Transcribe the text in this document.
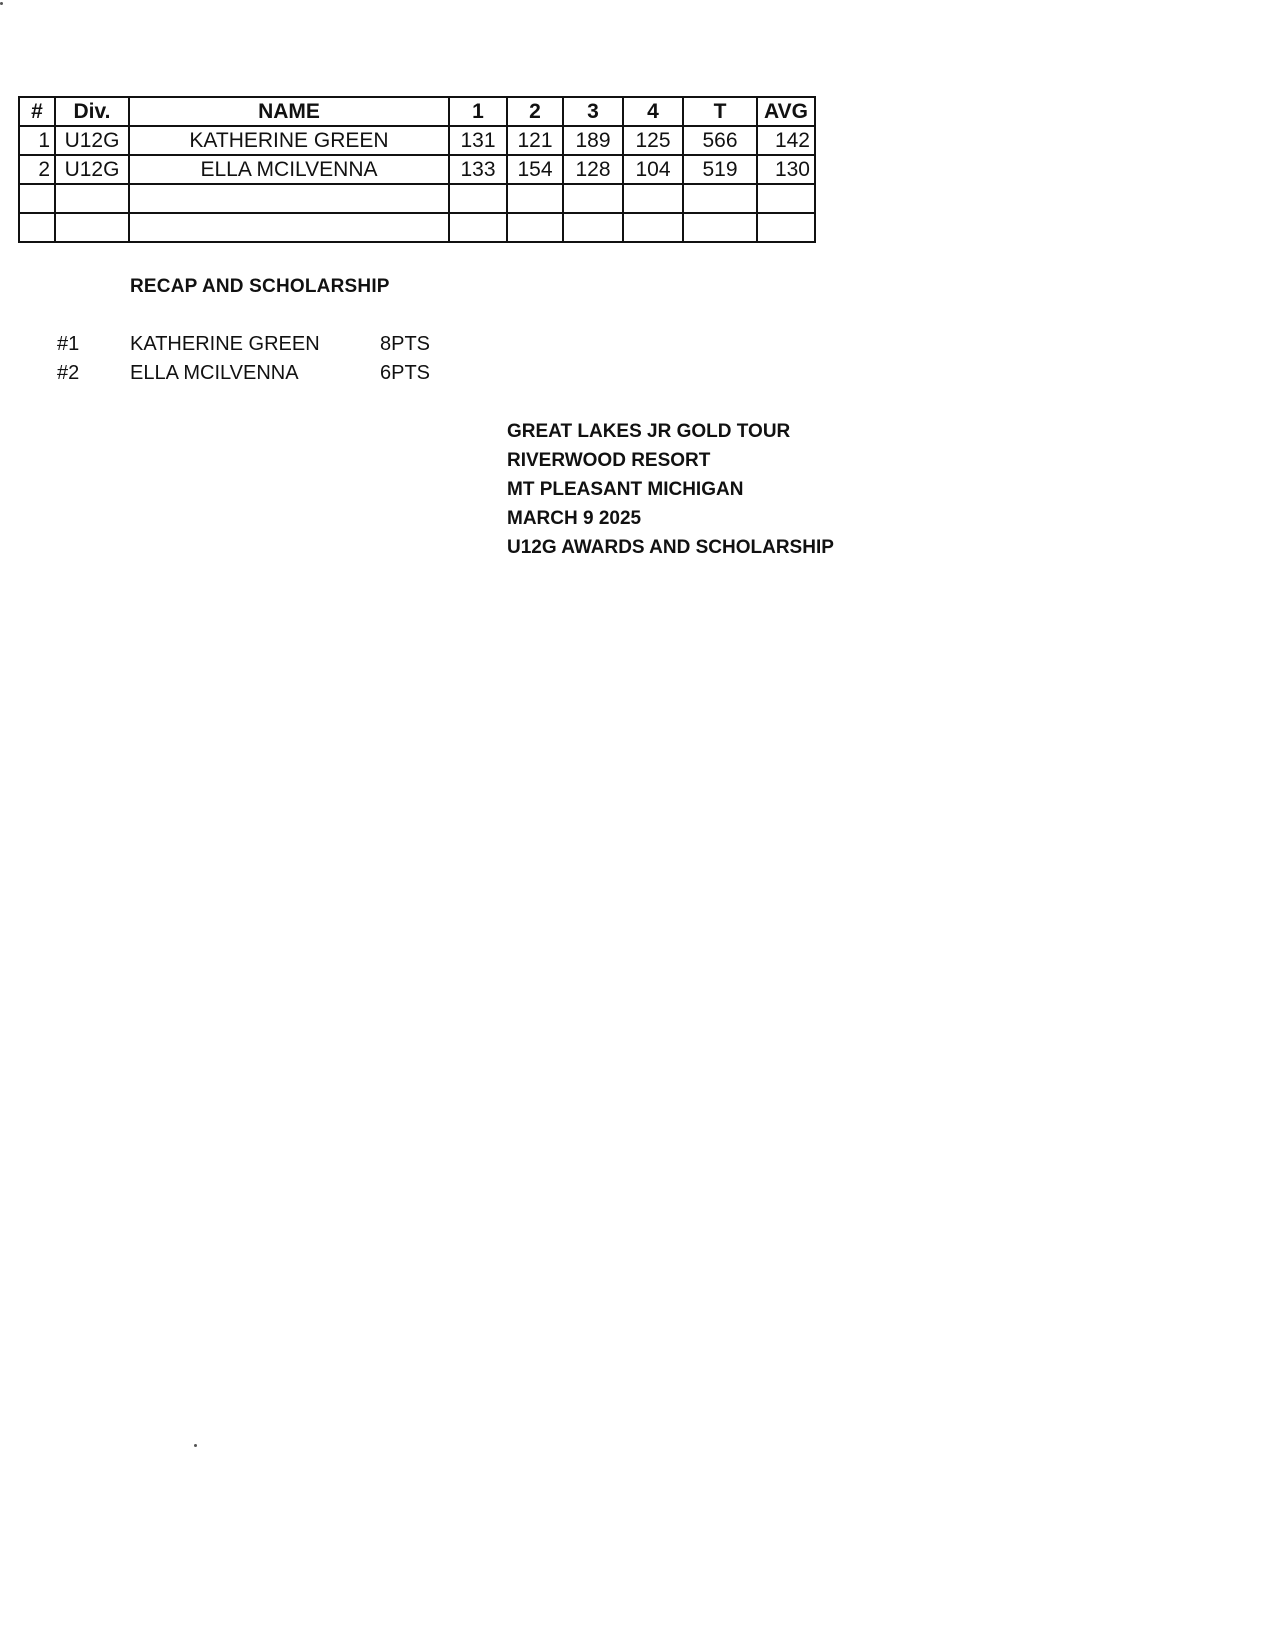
#	Div.	NAME	1	2	3	4	T	AVG
1	U12G	KATHERINE GREEN	131	121	189	125	566	142
2	U12G	ELLA MCILVENNA	133	154	128	104	519	130

RECAP AND SCHOLARSHIP
#1	KATHERINE GREEN	8PTS
#2	ELLA MCILVENNA	6PTS
GREAT LAKES JR GOLD TOUR
RIVERWOOD RESORT
MT PLEASANT MICHIGAN
MARCH 9 2025
U12G AWARDS AND SCHOLARSHIP
